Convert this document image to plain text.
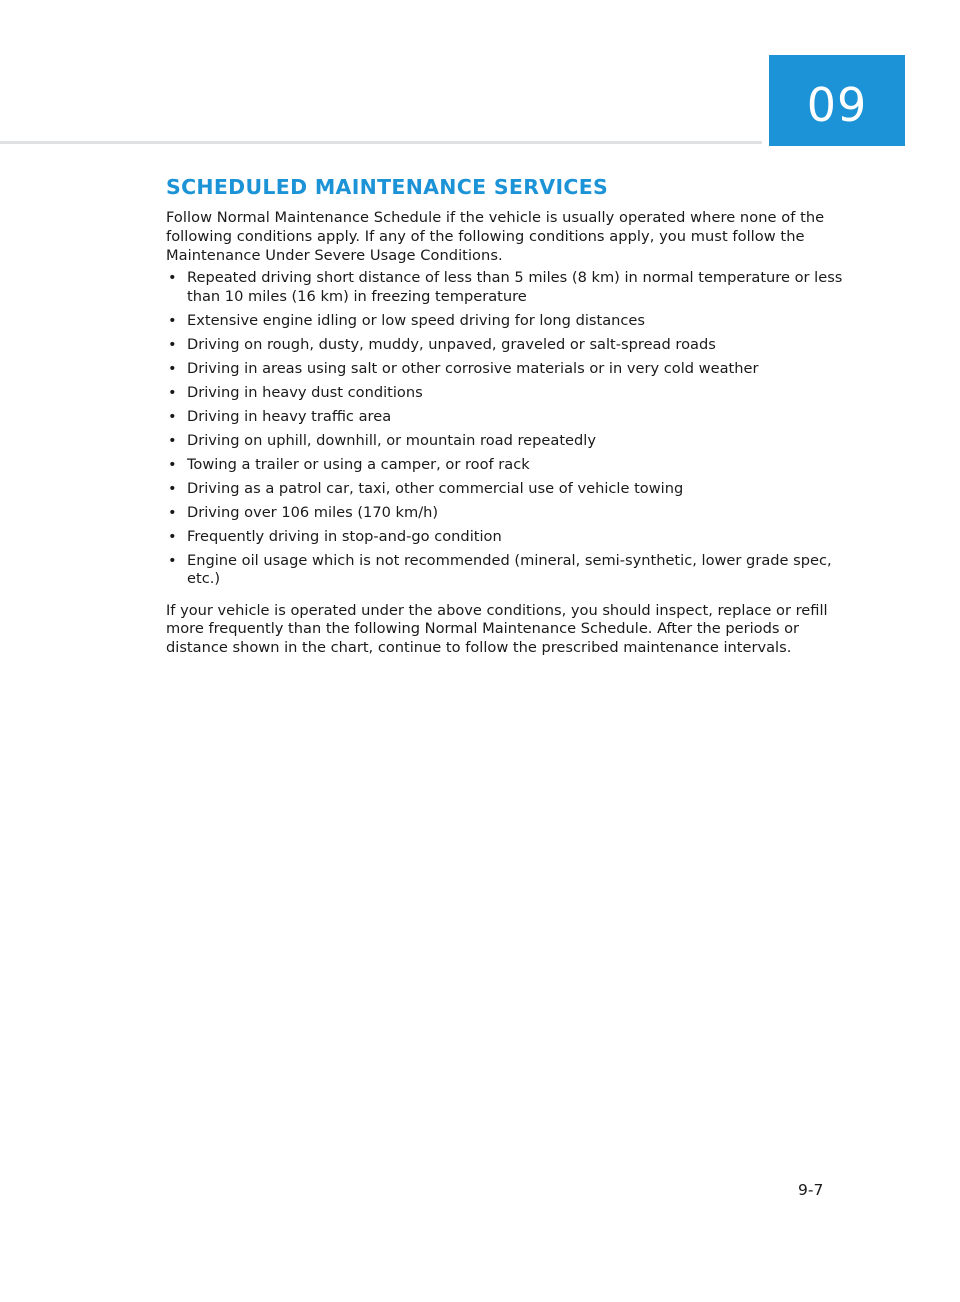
09
SCHEDULED MAINTENANCE SERVICES

Follow Normal Maintenance Schedule if the vehicle is usually operated where none of the following conditions apply. If any of the following conditions apply, you must follow the Maintenance Under Severe Usage Conditions.

• Repeated driving short distance of less than 5 miles (8 km) in normal temperature or less than 10 miles (16 km) in freezing temperature
• Extensive engine idling or low speed driving for long distances
• Driving on rough, dusty, muddy, unpaved, graveled or salt-spread roads
• Driving in areas using salt or other corrosive materials or in very cold weather
• Driving in heavy dust conditions
• Driving in heavy traffic area
• Driving on uphill, downhill, or mountain road repeatedly
• Towing a trailer or using a camper, or roof rack
• Driving as a patrol car, taxi, other commercial use of vehicle towing
• Driving over 106 miles (170 km/h)
• Frequently driving in stop-and-go condition
• Engine oil usage which is not recommended (mineral, semi-synthetic, lower grade spec, etc.)

If your vehicle is operated under the above conditions, you should inspect, replace or refill more frequently than the following Normal Maintenance Schedule. After the periods or distance shown in the chart, continue to follow the prescribed maintenance intervals.

9-7
